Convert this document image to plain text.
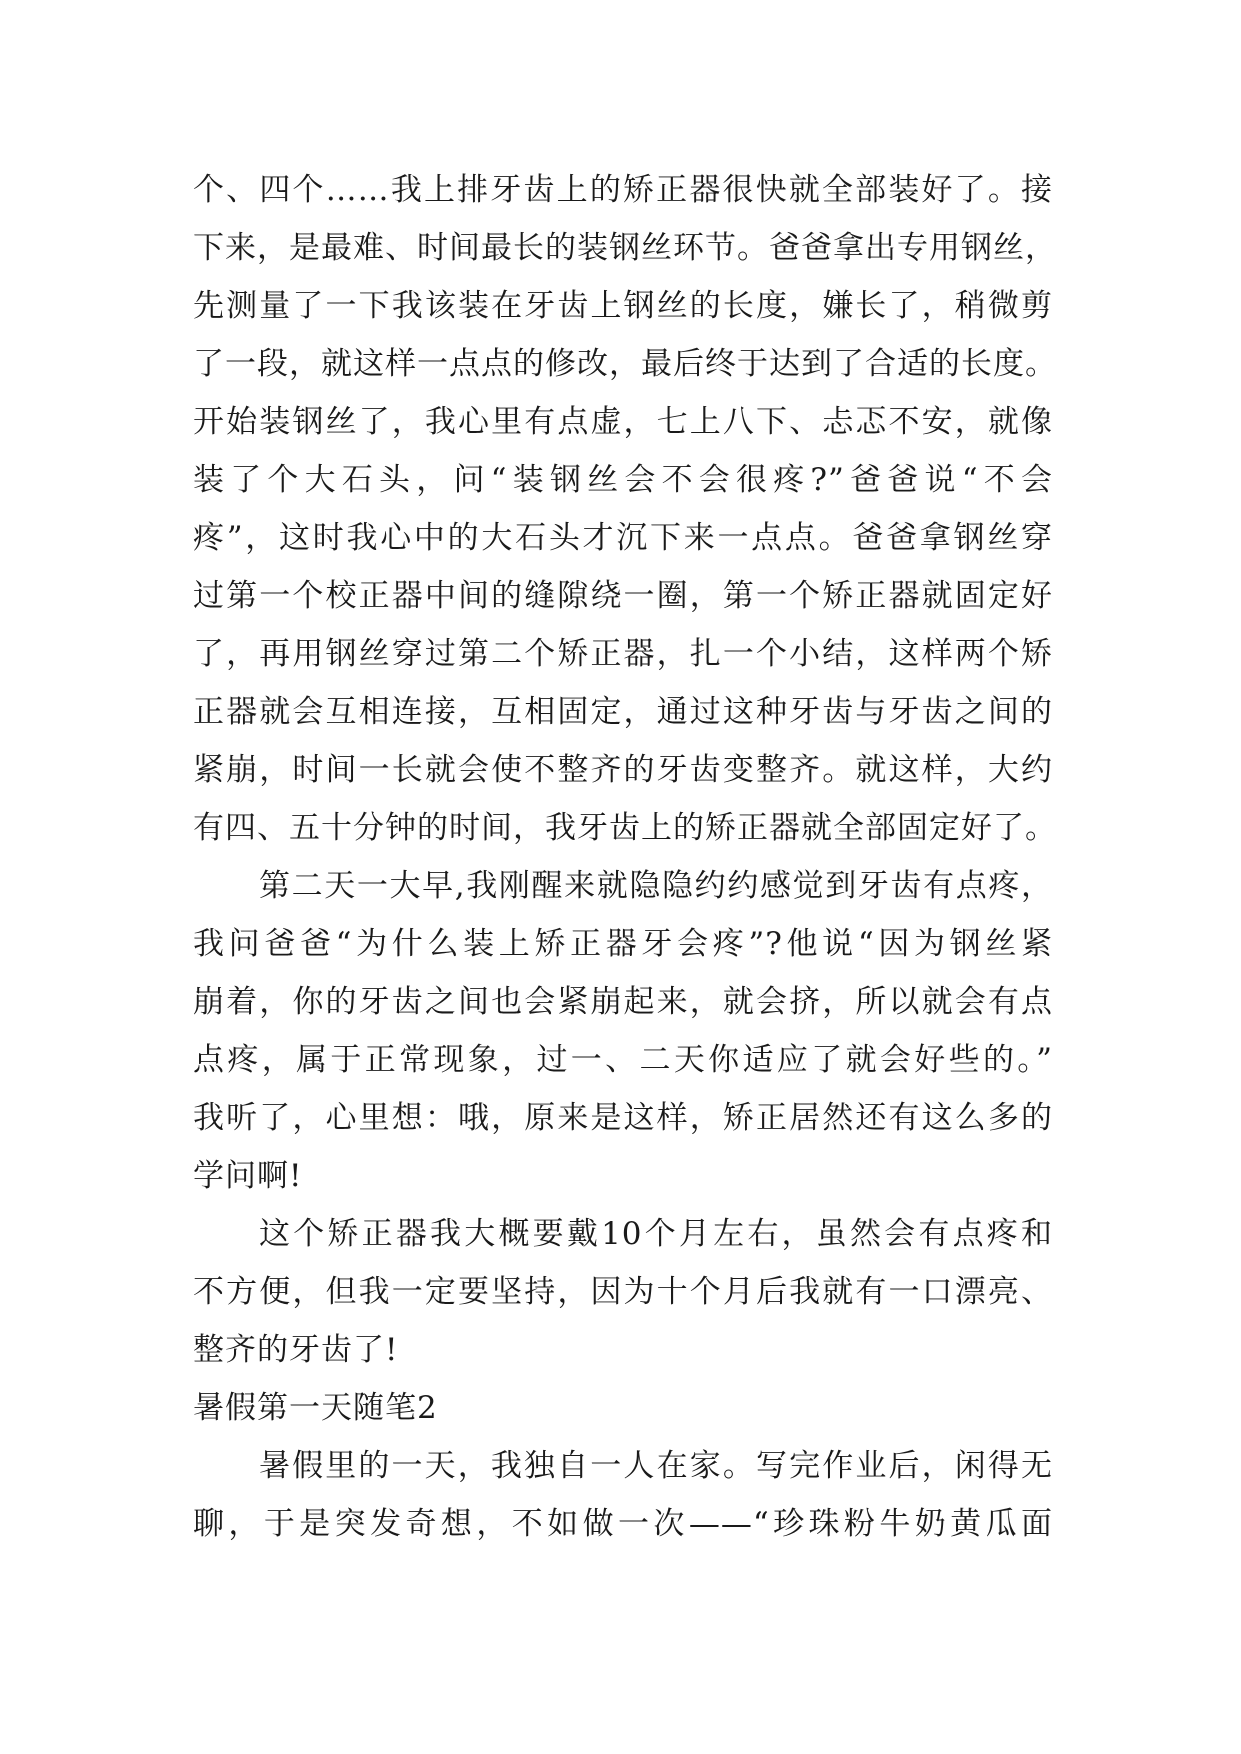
个、四个……我上排牙齿上的矫正器很快就全部装好了。接
下来，是最难、时间最长的装钢丝环节。爸爸拿出专用钢丝，
先测量了一下我该装在牙齿上钢丝的长度，嫌长了，稍微剪
了一段，就这样一点点的修改，最后终于达到了合适的长度。
开始装钢丝了，我心里有点虚，七上八下、忐忑不安，就像
装了个大石头，问“装钢丝会不会很疼?”爸爸说“不会
疼”，这时我心中的大石头才沉下来一点点。爸爸拿钢丝穿
过第一个校正器中间的缝隙绕一圈，第一个矫正器就固定好
了，再用钢丝穿过第二个矫正器，扎一个小结，这样两个矫
正器就会互相连接，互相固定，通过这种牙齿与牙齿之间的
紧崩，时间一长就会使不整齐的牙齿变整齐。就这样，大约
有四、五十分钟的时间，我牙齿上的矫正器就全部固定好了。
第二天一大早,我刚醒来就隐隐约约感觉到牙齿有点疼，
我问爸爸“为什么装上矫正器牙会疼”?他说“因为钢丝紧
崩着，你的牙齿之间也会紧崩起来，就会挤，所以就会有点
点疼，属于正常现象，过一、二天你适应了就会好些的。”
我听了，心里想：哦，原来是这样，矫正居然还有这么多的
学问啊!
这个矫正器我大概要戴10个月左右，虽然会有点疼和
不方便，但我一定要坚持，因为十个月后我就有一口漂亮、
整齐的牙齿了!
暑假第一天随笔2
暑假里的一天，我独自一人在家。写完作业后，闲得无
聊，于是突发奇想，不如做一次——“珍珠粉牛奶黄瓜面
